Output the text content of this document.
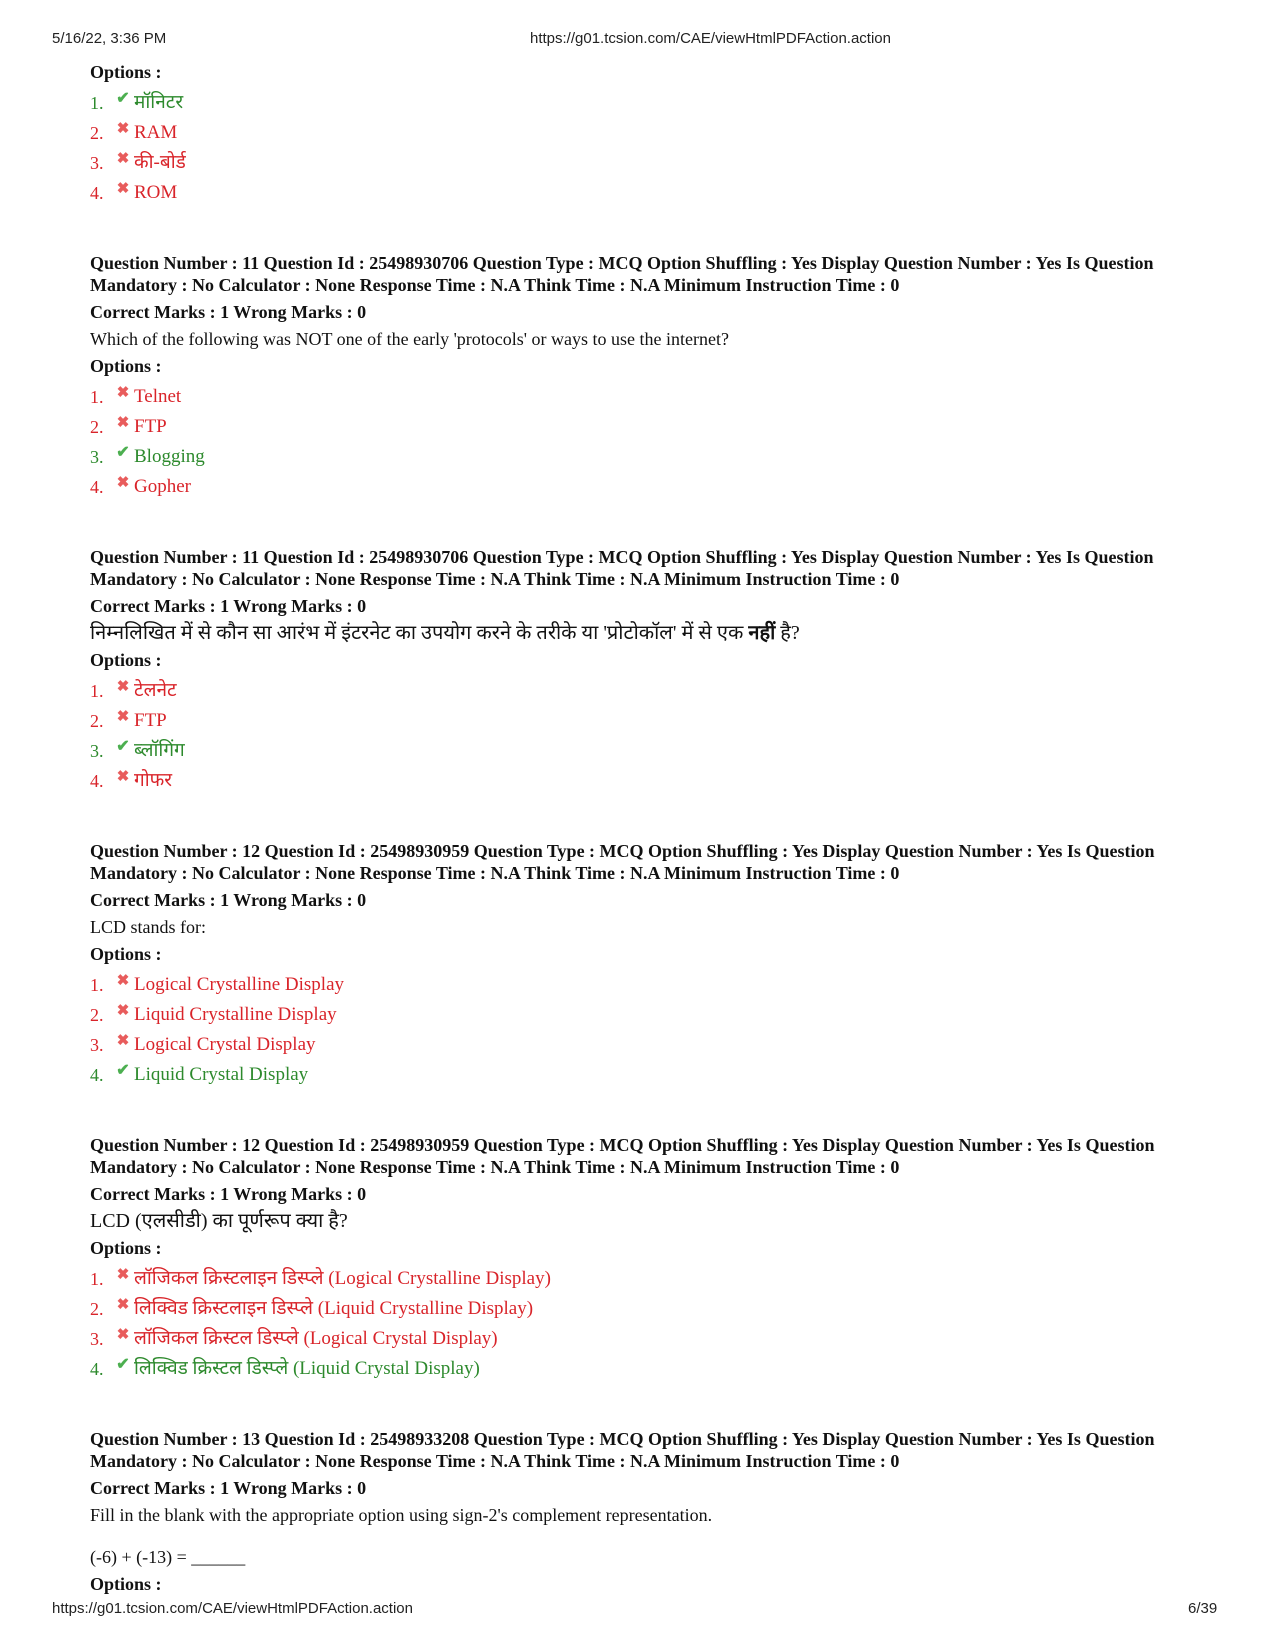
5/16/22, 3:36 PM	https://g01.tcsion.com/CAE/viewHtmlPDFAction.action
Options :
1. ✔ मॉनिटर
2. ✖ RAM
3. ✖ की-बोर्ड
4. ✖ ROM

Question Number : 11 Question Id : 25498930706 Question Type : MCQ Option Shuffling : Yes Display Question Number : Yes Is Question Mandatory : No Calculator : None Response Time : N.A Think Time : N.A Minimum Instruction Time : 0

Correct Marks : 1 Wrong Marks : 0

Which of the following was NOT one of the early 'protocols' or ways to use the internet?

Options :
1. ✖ Telnet
2. ✖ FTP
3. ✔ Blogging
4. ✖ Gopher

Question Number : 11 Question Id : 25498930706 Question Type : MCQ Option Shuffling : Yes Display Question Number : Yes Is Question Mandatory : No Calculator : None Response Time : N.A Think Time : N.A Minimum Instruction Time : 0

Correct Marks : 1 Wrong Marks : 0

निम्नलिखित में से कौन सा आरंभ में इंटरनेट का उपयोग करने के तरीके या 'प्रोटोकॉल' में से एक नहीं है?

Options :
1. ✖ टेलनेट
2. ✖ FTP
3. ✔ ब्लॉगिंग
4. ✖ गोफर

Question Number : 12 Question Id : 25498930959 Question Type : MCQ Option Shuffling : Yes Display Question Number : Yes Is Question Mandatory : No Calculator : None Response Time : N.A Think Time : N.A Minimum Instruction Time : 0

Correct Marks : 1 Wrong Marks : 0

LCD stands for:

Options :
1. ✖ Logical Crystalline Display
2. ✖ Liquid Crystalline Display
3. ✖ Logical Crystal Display
4. ✔ Liquid Crystal Display

Question Number : 12 Question Id : 25498930959 Question Type : MCQ Option Shuffling : Yes Display Question Number : Yes Is Question Mandatory : No Calculator : None Response Time : N.A Think Time : N.A Minimum Instruction Time : 0

Correct Marks : 1 Wrong Marks : 0

LCD (एलसीडी) का पूर्णरूप क्या है?

Options :
1. ✖ लॉजिकल क्रिस्टलाइन डिस्प्ले (Logical Crystalline Display)
2. ✖ लिक्विड क्रिस्टलाइन डिस्प्ले (Liquid Crystalline Display)
3. ✖ लॉजिकल क्रिस्टल डिस्प्ले (Logical Crystal Display)
4. ✔ लिक्विड क्रिस्टल डिस्प्ले (Liquid Crystal Display)

Question Number : 13 Question Id : 25498933208 Question Type : MCQ Option Shuffling : Yes Display Question Number : Yes Is Question Mandatory : No Calculator : None Response Time : N.A Think Time : N.A Minimum Instruction Time : 0

Correct Marks : 1 Wrong Marks : 0

Fill in the blank with the appropriate option using sign-2's complement representation.

(-6) + (-13) = ______

Options :
https://g01.tcsion.com/CAE/viewHtmlPDFAction.action	6/39
